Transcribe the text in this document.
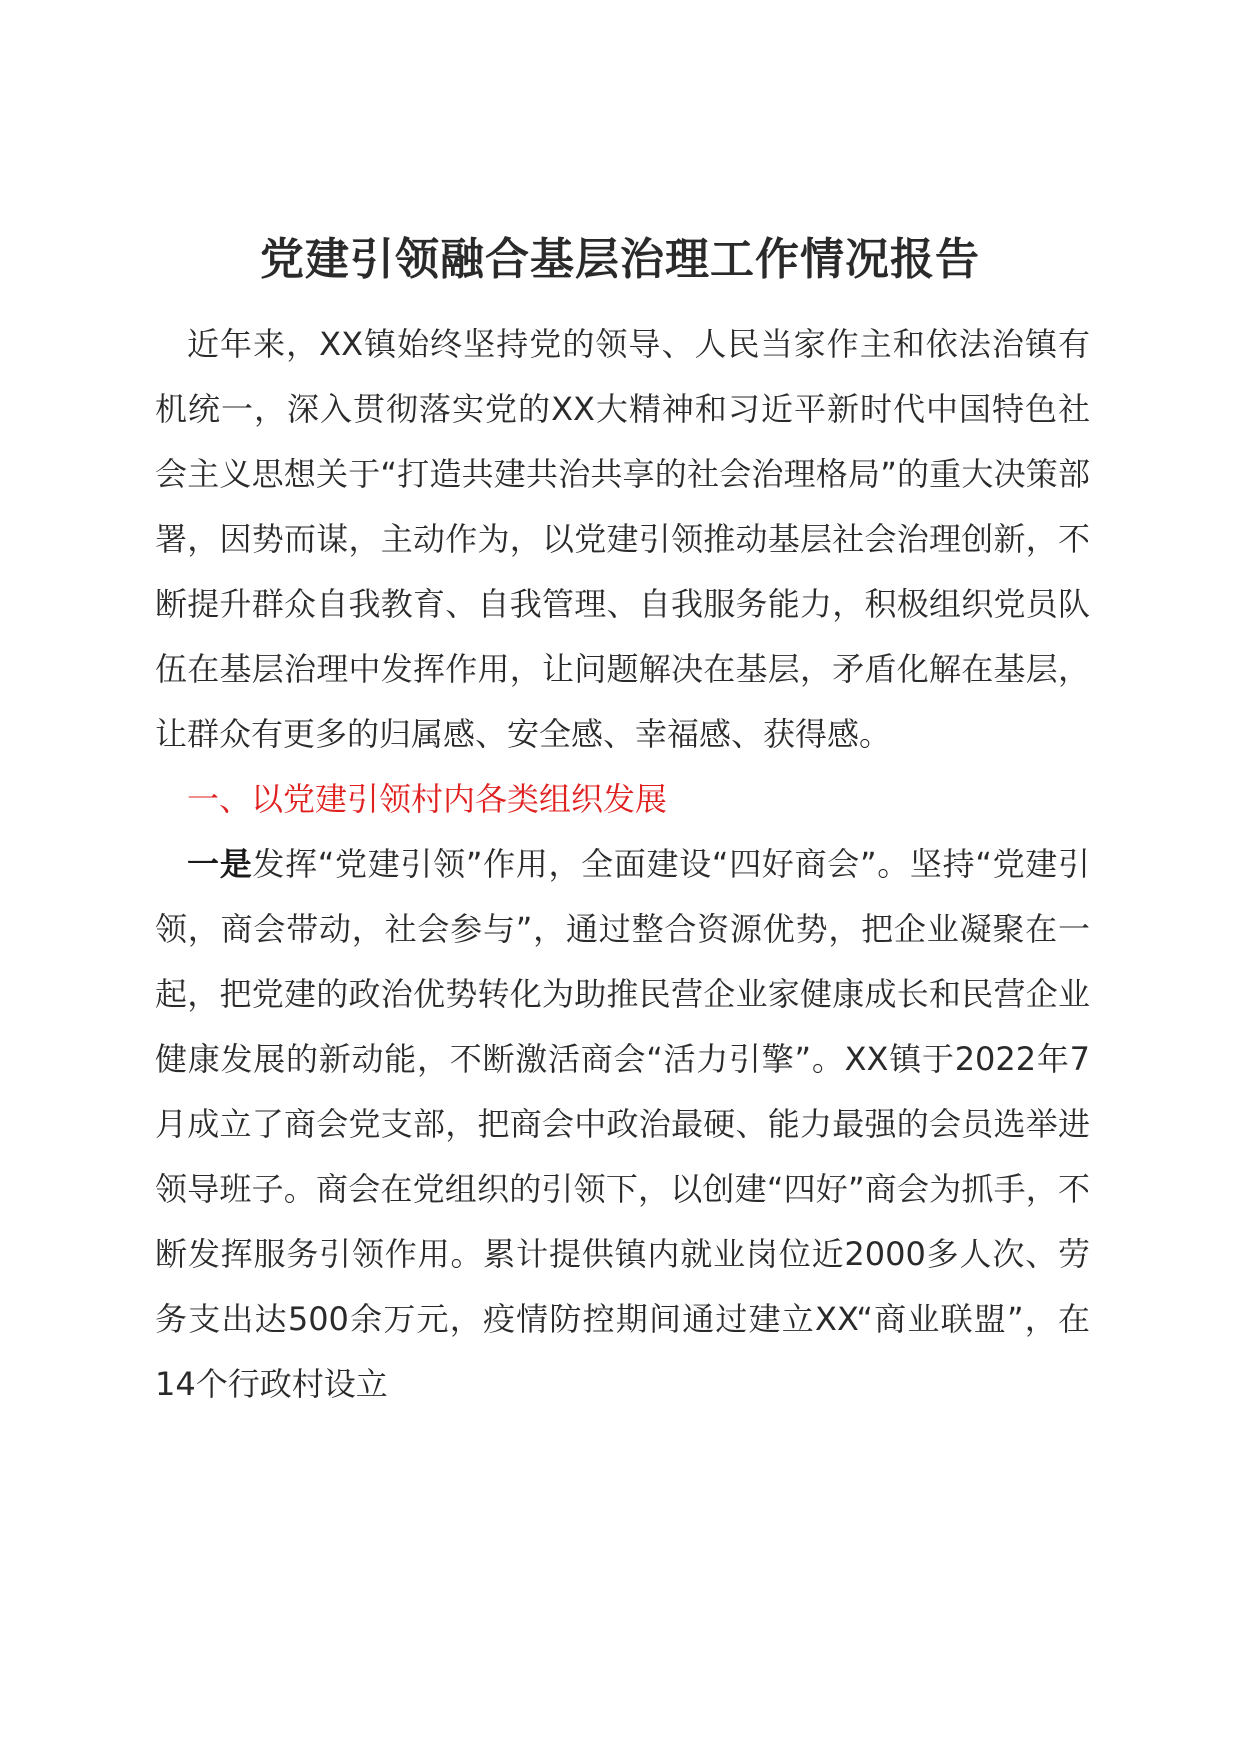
党建引领融合基层治理工作情况报告

近年来，XX镇始终坚持党的领导、人民当家作主和依法治镇有机统一，深入贯彻落实党的XX大精神和习近平新时代中国特色社会主义思想关于“打造共建共治共享的社会治理格局”的重大决策部署，因势而谋，主动作为，以党建引领推动基层社会治理创新，不断提升群众自我教育、自我管理、自我服务能力，积极组织党员队伍在基层治理中发挥作用，让问题解决在基层，矛盾化解在基层，让群众有更多的归属感、安全感、幸福感、获得感。

一、以党建引领村内各类组织发展

一是发挥“党建引领”作用，全面建设“四好商会”。坚持“党建引领，商会带动，社会参与”，通过整合资源优势，把企业凝聚在一起，把党建的政治优势转化为助推民营企业家健康成长和民营企业健康发展的新动能，不断激活商会“活力引擎”。XX镇于2022年7月成立了商会党支部，把商会中政治最硬、能力最强的会员选举进领导班子。商会在党组织的引领下，以创建“四好”商会为抓手，不断发挥服务引领作用。累计提供镇内就业岗位近2000多人次、劳务支出达500余万元，疫情防控期间通过建立XX“商业联盟”，在14个行政村设立
